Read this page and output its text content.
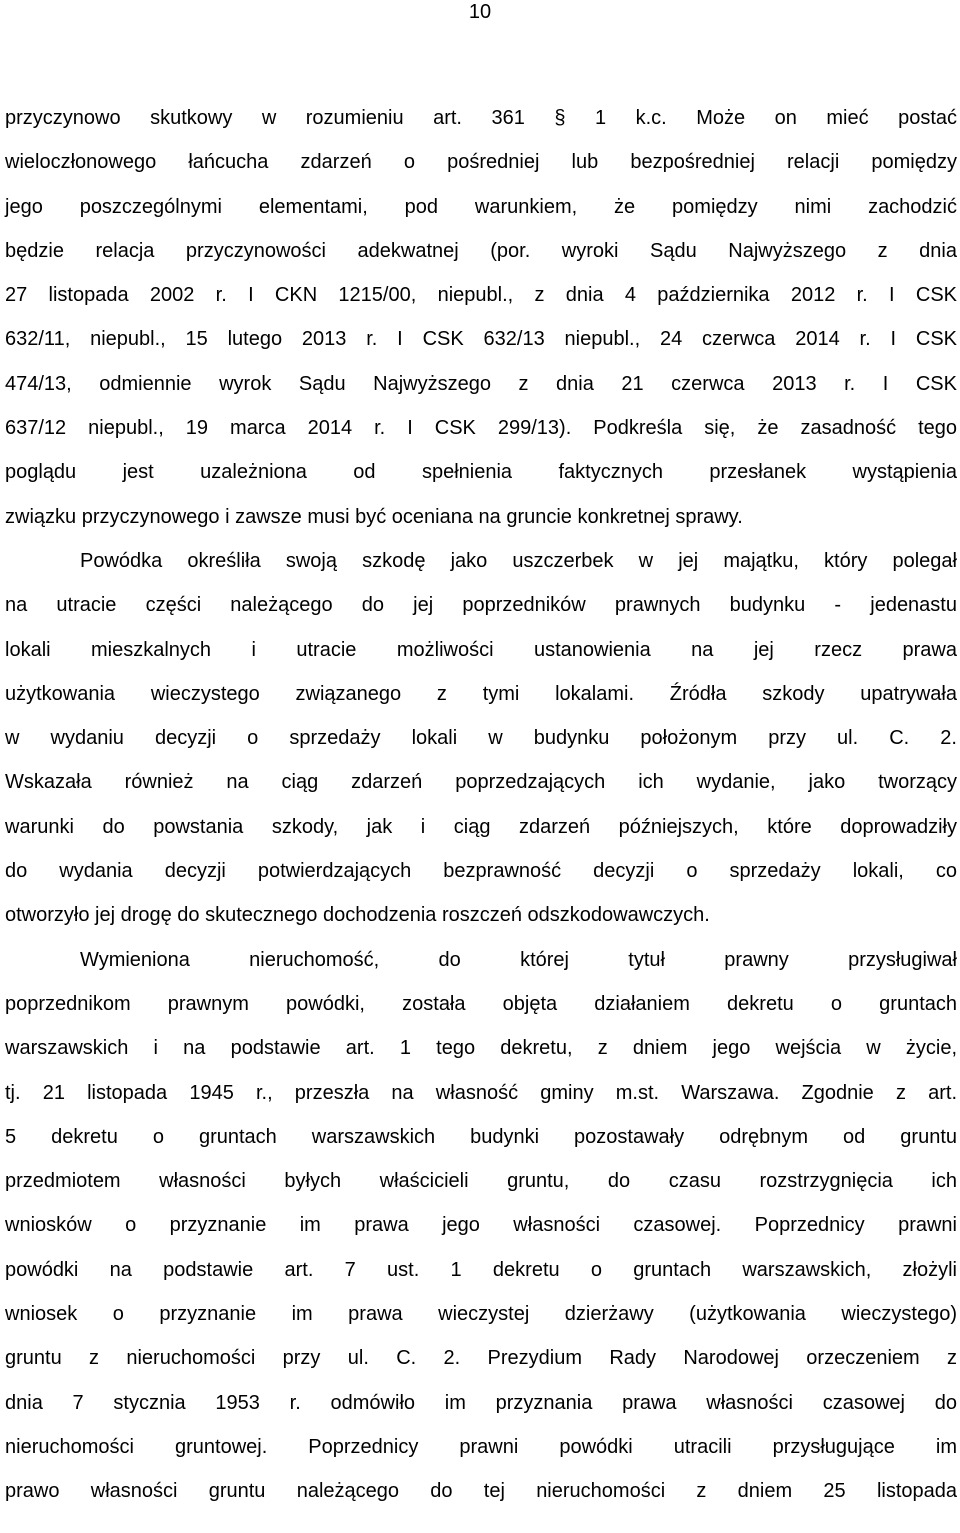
10
przyczynowo skutkowy w rozumieniu art. 361 § 1 k.c. Może on mieć postać
wieloczłonowego łańcucha zdarzeń o pośredniej lub bezpośredniej relacji pomiędzy
jego poszczególnymi elementami, pod warunkiem, że pomiędzy nimi zachodzić
będzie relacja przyczynowości adekwatnej (por. wyroki Sądu Najwyższego z dnia
27 listopada 2002 r. I CKN 1215/00, niepubl., z dnia 4 października 2012 r. I CSK
632/11, niepubl., 15 lutego 2013 r. I CSK 632/13 niepubl., 24 czerwca 2014 r. I CSK
474/13, odmiennie wyrok Sądu Najwyższego z dnia 21 czerwca 2013 r. I CSK
637/12 niepubl., 19 marca 2014 r. I CSK 299/13). Podkreśla się, że zasadność tego
poglądu jest uzależniona od spełnienia faktycznych przesłanek wystąpienia
związku przyczynowego i zawsze musi być oceniana na gruncie konkretnej sprawy.
Powódka określiła swoją szkodę jako uszczerbek w jej majątku, który polegał
na utracie części należącego do jej poprzedników prawnych budynku - jedenastu
lokali mieszkalnych i utracie możliwości ustanowienia na jej rzecz prawa
użytkowania wieczystego związanego z tymi lokalami. Źródła szkody upatrywała
w wydaniu decyzji o sprzedaży lokali w budynku położonym przy ul. C. 2.
Wskazała również na ciąg zdarzeń poprzedzających ich wydanie, jako tworzący
warunki do powstania szkody, jak i ciąg zdarzeń późniejszych, które doprowadziły
do wydania decyzji potwierdzających bezprawność decyzji o sprzedaży lokali, co
otworzyło jej drogę do skutecznego dochodzenia roszczeń odszkodowawczych.
Wymieniona nieruchomość, do której tytuł prawny przysługiwał
poprzednikom prawnym powódki, została objęta działaniem dekretu o gruntach
warszawskich i na podstawie art. 1 tego dekretu, z dniem jego wejścia w życie,
tj. 21 listopada 1945 r., przeszła na własność gminy m.st. Warszawa. Zgodnie z art.
5 dekretu o gruntach warszawskich budynki pozostawały odrębnym od gruntu
przedmiotem własności byłych właścicieli gruntu, do czasu rozstrzygnięcia ich
wniosków o przyznanie im prawa jego własności czasowej. Poprzednicy prawni
powódki na podstawie art. 7 ust. 1 dekretu o gruntach warszawskich, złożyli
wniosek o przyznanie im prawa wieczystej dzierżawy (użytkowania wieczystego)
gruntu z nieruchomości przy ul. C. 2. Prezydium Rady Narodowej orzeczeniem z
dnia 7 stycznia 1953 r. odmówiło im przyznania prawa własności czasowej do
nieruchomości gruntowej. Poprzednicy prawni powódki utracili przysługujące im
prawo własności gruntu należącego do tej nieruchomości z dniem 25 listopada
